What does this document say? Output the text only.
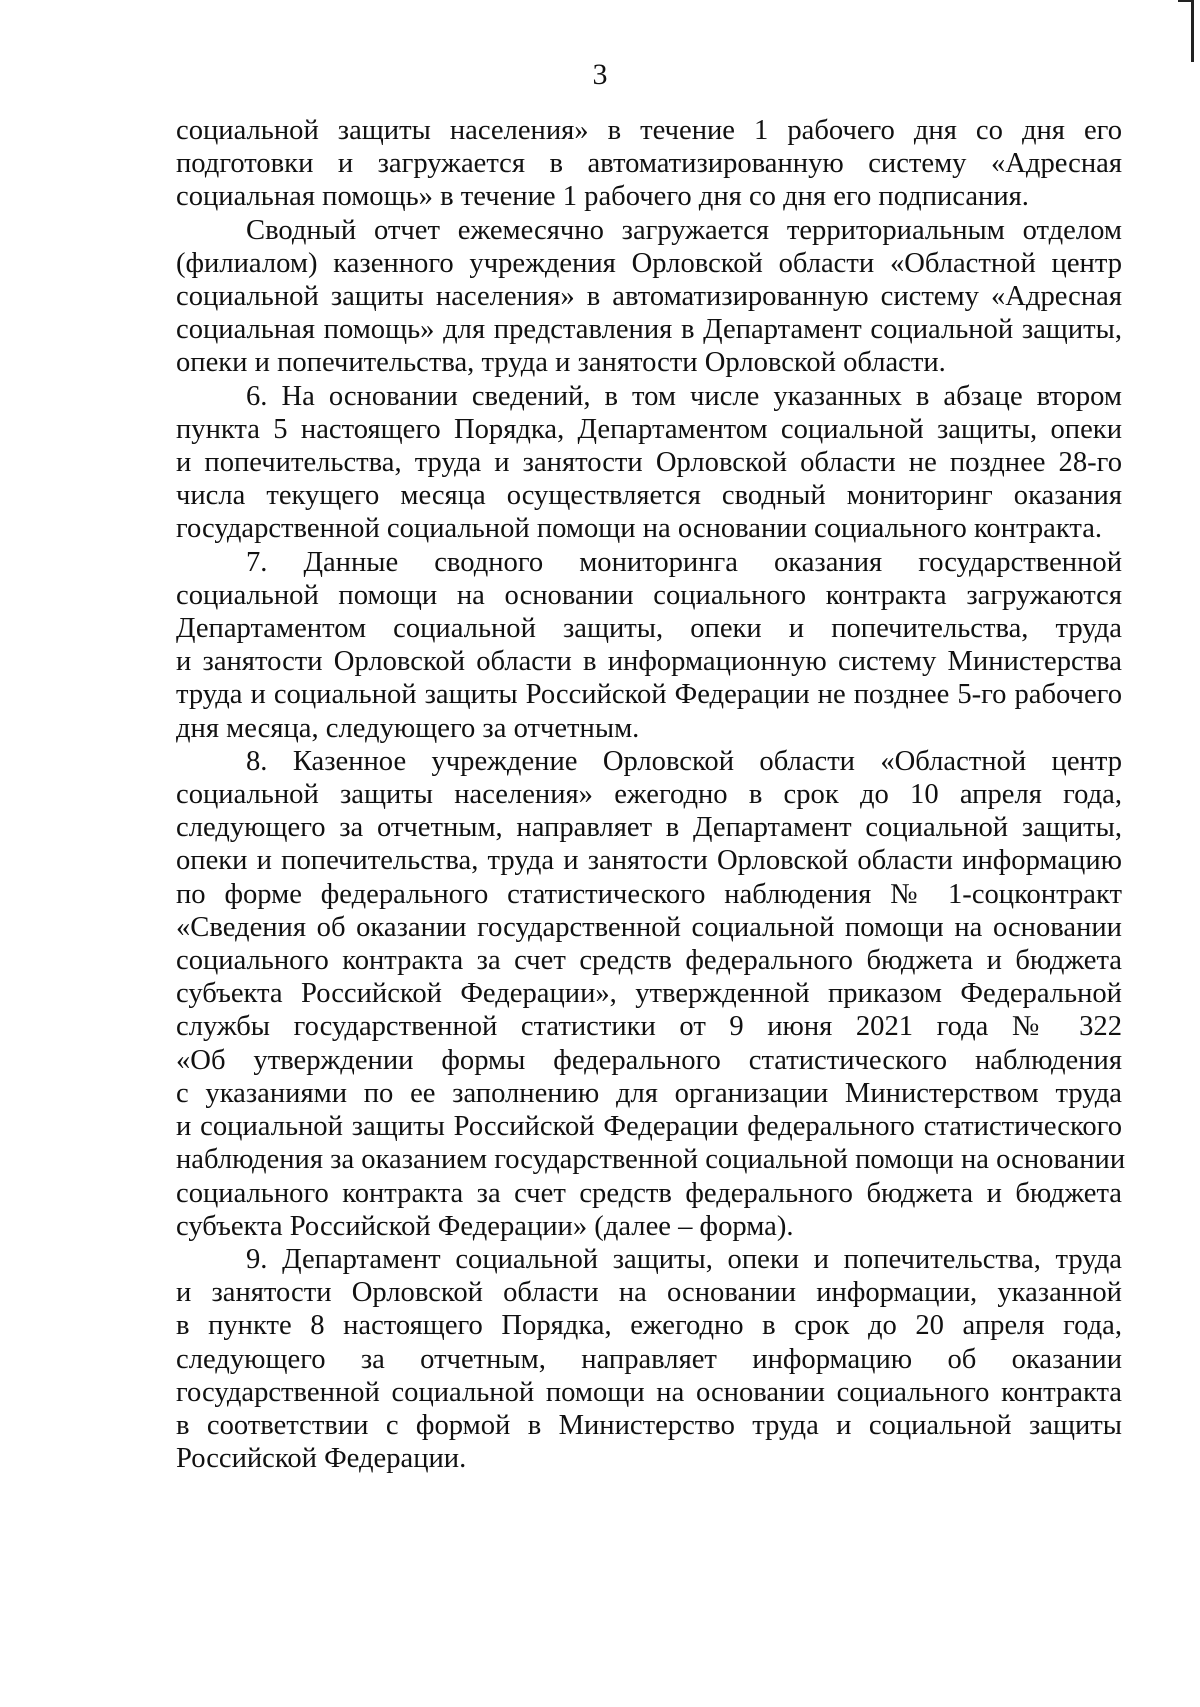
3

социальной защиты населения» в течение 1 рабочего дня со дня его
подготовки и загружается в автоматизированную систему «Адресная
социальная помощь» в течение 1 рабочего дня со дня его подписания.

Сводный отчет ежемесячно загружается территориальным отделом
(филиалом) казенного учреждения Орловской области «Областной центр
социальной защиты населения» в автоматизированную систему «Адресная
социальная помощь» для представления в Департамент социальной защиты,
опеки и попечительства, труда и занятости Орловской области.

6. На основании сведений, в том числе указанных в абзаце втором
пункта 5 настоящего Порядка, Департаментом социальной защиты, опеки
и попечительства, труда и занятости Орловской области не позднее 28-го
числа текущего месяца осуществляется сводный мониторинг оказания
государственной социальной помощи на основании социального контракта.

7. Данные сводного мониторинга оказания государственной
социальной помощи на основании социального контракта загружаются
Департаментом социальной защиты, опеки и попечительства, труда
и занятости Орловской области в информационную систему Министерства
труда и социальной защиты Российской Федерации не позднее 5-го рабочего
дня месяца, следующего за отчетным.

8. Казенное учреждение Орловской области «Областной центр
социальной защиты населения» ежегодно в срок до 10 апреля года,
следующего за отчетным, направляет в Департамент социальной защиты,
опеки и попечительства, труда и занятости Орловской области информацию
по форме федерального статистического наблюдения № 1-соцконтракт
«Сведения об оказании государственной социальной помощи на основании
социального контракта за счет средств федерального бюджета и бюджета
субъекта Российской Федерации», утвержденной приказом Федеральной
службы государственной статистики от 9 июня 2021 года № 322
«Об утверждении формы федерального статистического наблюдения
с указаниями по ее заполнению для организации Министерством труда
и социальной защиты Российской Федерации федерального статистического
наблюдения за оказанием государственной социальной помощи на основании
социального контракта за счет средств федерального бюджета и бюджета
субъекта Российской Федерации» (далее – форма).

9. Департамент социальной защиты, опеки и попечительства, труда
и занятости Орловской области на основании информации, указанной
в пункте 8 настоящего Порядка, ежегодно в срок до 20 апреля года,
следующего за отчетным, направляет информацию об оказании
государственной социальной помощи на основании социального контракта
в соответствии с формой в Министерство труда и социальной защиты
Российской Федерации.
